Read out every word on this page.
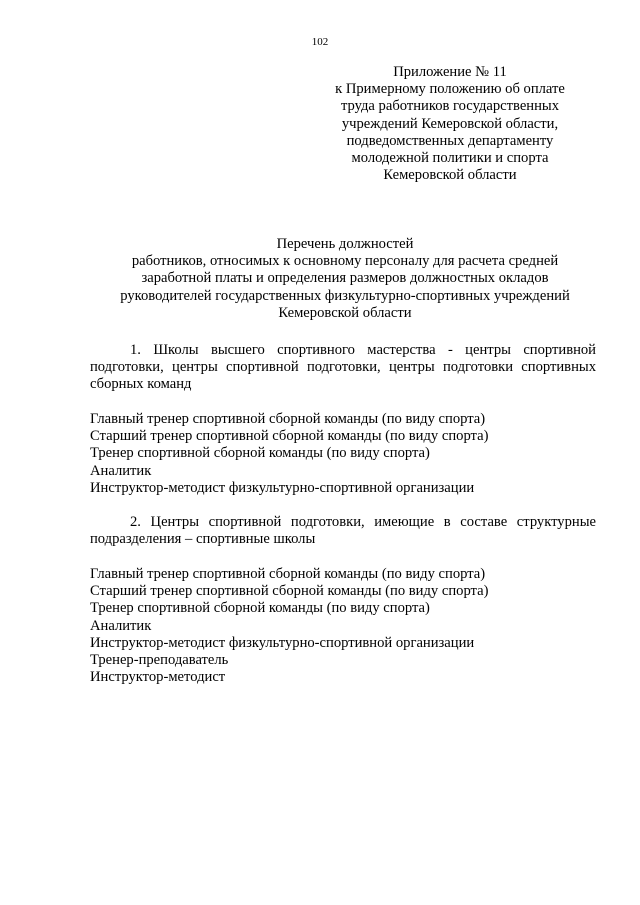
102
Приложение № 11
к Примерному положению об оплате
труда работников государственных
учреждений Кемеровской области,
подведомственных департаменту
молодежной политики и спорта
Кемеровской области
Перечень должностей
работников, относимых к основному персоналу для расчета средней
заработной платы и определения размеров должностных окладов
руководителей государственных физкультурно-спортивных учреждений
Кемеровской области

1. Школы высшего спортивного мастерства - центры спортивной подготовки, центры спортивной подготовки, центры подготовки спортивных сборных команд

Главный тренер спортивной сборной команды (по виду спорта)
Старший тренер спортивной сборной команды (по виду спорта)
Тренер спортивной сборной команды (по виду спорта)
Аналитик
Инструктор-методист физкультурно-спортивной организации

2. Центры спортивной подготовки, имеющие в составе структурные подразделения – спортивные школы

Главный тренер спортивной сборной команды (по виду спорта)
Старший тренер спортивной сборной команды (по виду спорта)
Тренер спортивной сборной команды (по виду спорта)
Аналитик
Инструктор-методист физкультурно-спортивной организации
Тренер-преподаватель
Инструктор-методист
